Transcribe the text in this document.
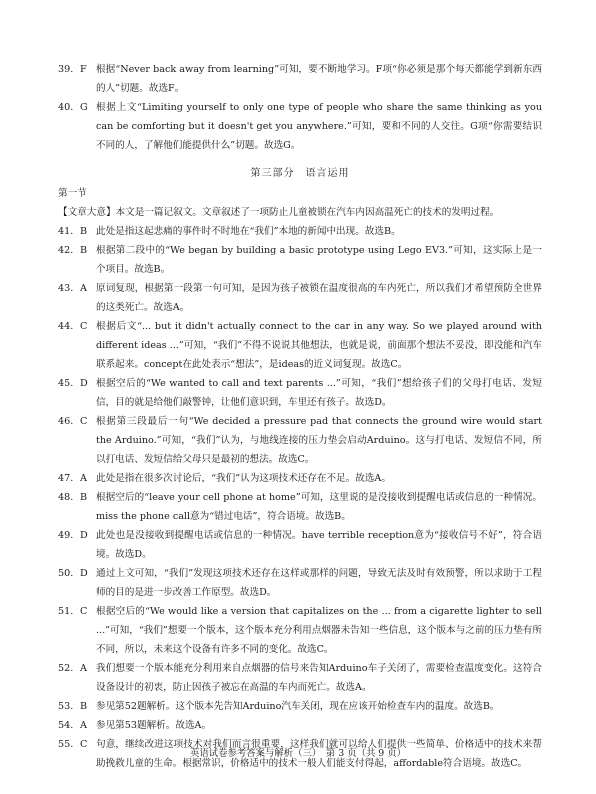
39. F 根据“Never back away from learning”可知，要不断地学习。F项“你必须是那个每天都能学到新东西的人”切题。故选F。
40. G 根据上文“Limiting yourself to only one type of people who share the same thinking as you can be comforting but it doesn't get you anywhere.”可知，要和不同的人交往。G项“你需要结识不同的人，了解他们能提供什么”切题。故选G。
第三部分　语言运用
第一节
【文章大意】本文是一篇记叙文。文章叙述了一项防止儿童被锁在汽车内因高温死亡的技术的发明过程。
41. B 此处是指这起悲痛的事件时不时地在“我们”本地的新闻中出现。故选B。
42. B 根据第二段中的“We began by building a basic prototype using Lego EV3.”可知，这实际上是一个项目。故选B。
43. A 原词复现，根据第一段第一句可知，是因为孩子被锁在温度很高的车内死亡，所以我们才希望预防全世界的这类死亡。故选A。
44. C 根据后文“... but it didn't actually connect to the car in any way. So we played around with different ideas ...”可知，“我们”不得不说说其他想法，也就是说，前面那个想法不妥没，即没能和汽车联系起来。concept在此处表示“想法”，是ideas的近义词复现。故选C。
45. D 根据空后的“We wanted to call and text parents ...”可知，“我们”想给孩子们的父母打电话、发短信，目的就是给他们敲警钟，让他们意识到，车里还有孩子。故选D。
46. C 根据第三段最后一句“We decided a pressure pad that connects the ground wire would start the Arduino.”可知，“我们”认为，与地线连接的压力垫会启动Arduino。这与打电话、发短信不同，所以打电话、发短信给父母只是最初的想法。故选C。
47. A 此处是指在很多次讨论后，“我们”认为这项技术还存在不足。故选A。
48. B 根据空后的“leave your cell phone at home”可知，这里说的是没接收到提醒电话或信息的一种情况。miss the phone call意为“错过电话”，符合语境。故选B。
49. D 此处也是没接收到提醒电话或信息的一种情况。have terrible reception意为“接收信号不好”，符合语境。故选D。
50. D 通过上文可知，“我们”发现这项技术还存在这样或那样的问题，导致无法及时有效预警，所以求助于工程师的目的是进一步改善工作原型。故选D。
51. C 根据空后的“We would like a version that capitalizes on the ... from a cigarette lighter to sell ...”可知，“我们”想要一个版本，这个版本充分利用点烟器未告知一些信息，这个版本与之前的压力垫有所不同，所以，未来这个设备有许多不同的变化。故选C。
52. A 我们想要一个版本能充分利用来自点烟器的信号来告知Arduino车子关闭了，需要检查温度变化。这符合设备设计的初衷，防止因孩子被忘在高温的车内而死亡。故选A。
53. B 参见第52题解析。这个版本先告知Arduino汽车关闭，现在应该开始检查车内的温度。故选B。
54. A 参见第53题解析。故选A。
55. C 句意，继续改进这项技术对我们而言很重要，这样我们就可以给人们提供一些简单、价格适中的技术来帮助挽救儿童的生命。根据常识，价格适中的技术一般人们能支付得起，affordable符合语境。故选C。
英语试卷参考答案与解析（三）　第 3 页（共 9 页）
